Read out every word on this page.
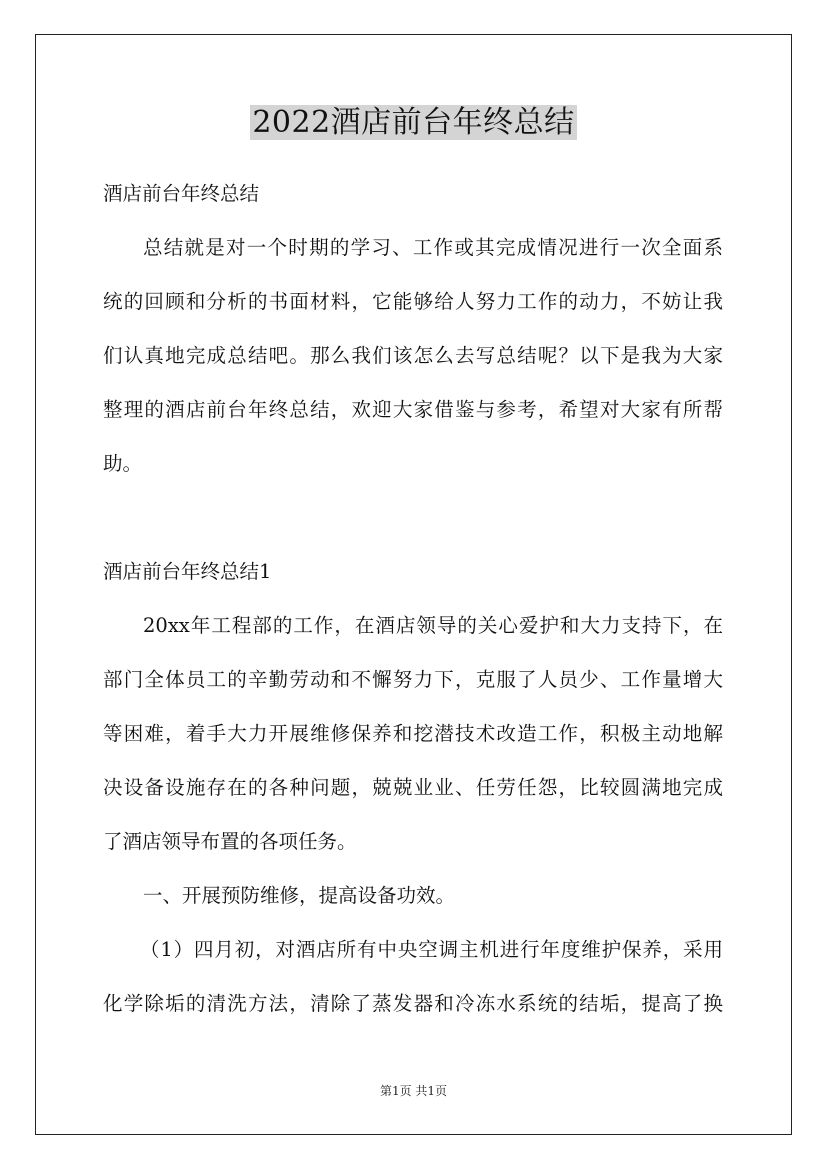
2022酒店前台年终总结
酒店前台年终总结
总结就是对一个时期的学习、工作或其完成情况进行一次全面系
统的回顾和分析的书面材料，它能够给人努力工作的动力，不妨让我
们认真地完成总结吧。那么我们该怎么去写总结呢？以下是我为大家
整理的酒店前台年终总结，欢迎大家借鉴与参考，希望对大家有所帮
助。
酒店前台年终总结1
20xx年工程部的工作，在酒店领导的关心爱护和大力支持下，在
部门全体员工的辛勤劳动和不懈努力下，克服了人员少、工作量增大
等困难，着手大力开展维修保养和挖潜技术改造工作，积极主动地解
决设备设施存在的各种问题，兢兢业业、任劳任怨，比较圆满地完成
了酒店领导布置的各项任务。
一、开展预防维修，提高设备功效。
（1）四月初，对酒店所有中央空调主机进行年度维护保养，采用
化学除垢的清洗方法，清除了蒸发器和冷冻水系统的结垢，提高了换
第1页 共1页
